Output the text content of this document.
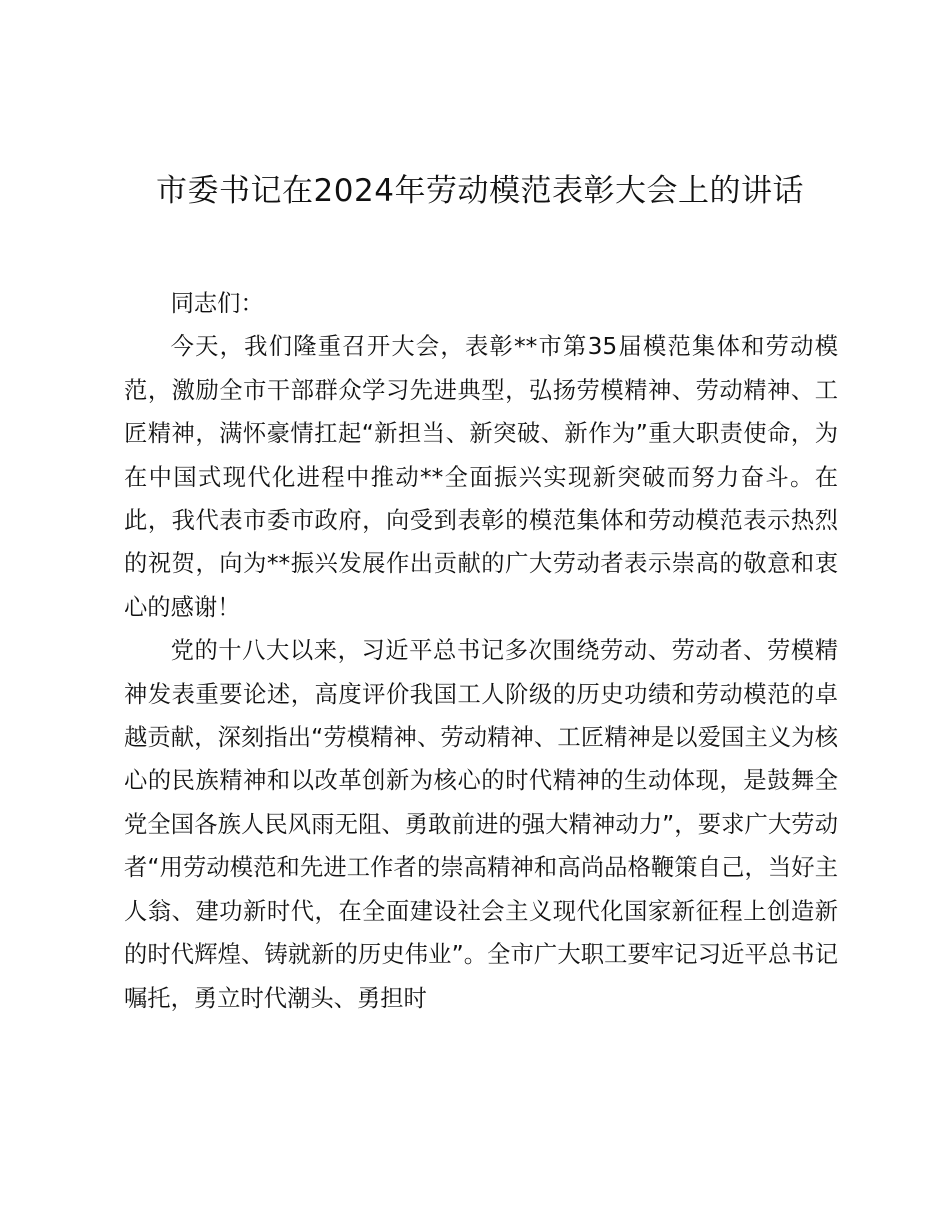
市委书记在2024年劳动模范表彰大会上的讲话

同志们：

今天，我们隆重召开大会，表彰**市第35届模范集体和劳动模范，激励全市干部群众学习先进典型，弘扬劳模精神、劳动精神、工匠精神，满怀豪情扛起“新担当、新突破、新作为”重大职责使命，为在中国式现代化进程中推动**全面振兴实现新突破而努力奋斗。在此，我代表市委市政府，向受到表彰的模范集体和劳动模范表示热烈的祝贺，向为**振兴发展作出贡献的广大劳动者表示崇高的敬意和衷心的感谢！

党的十八大以来，习近平总书记多次围绕劳动、劳动者、劳模精神发表重要论述，高度评价我国工人阶级的历史功绩和劳动模范的卓越贡献，深刻指出“劳模精神、劳动精神、工匠精神是以爱国主义为核心的民族精神和以改革创新为核心的时代精神的生动体现，是鼓舞全党全国各族人民风雨无阻、勇敢前进的强大精神动力”，要求广大劳动者“用劳动模范和先进工作者的崇高精神和高尚品格鞭策自己，当好主人翁、建功新时代，在全面建设社会主义现代化国家新征程上创造新的时代辉煌、铸就新的历史伟业”。全市广大职工要牢记习近平总书记嘱托，勇立时代潮头、勇担时
